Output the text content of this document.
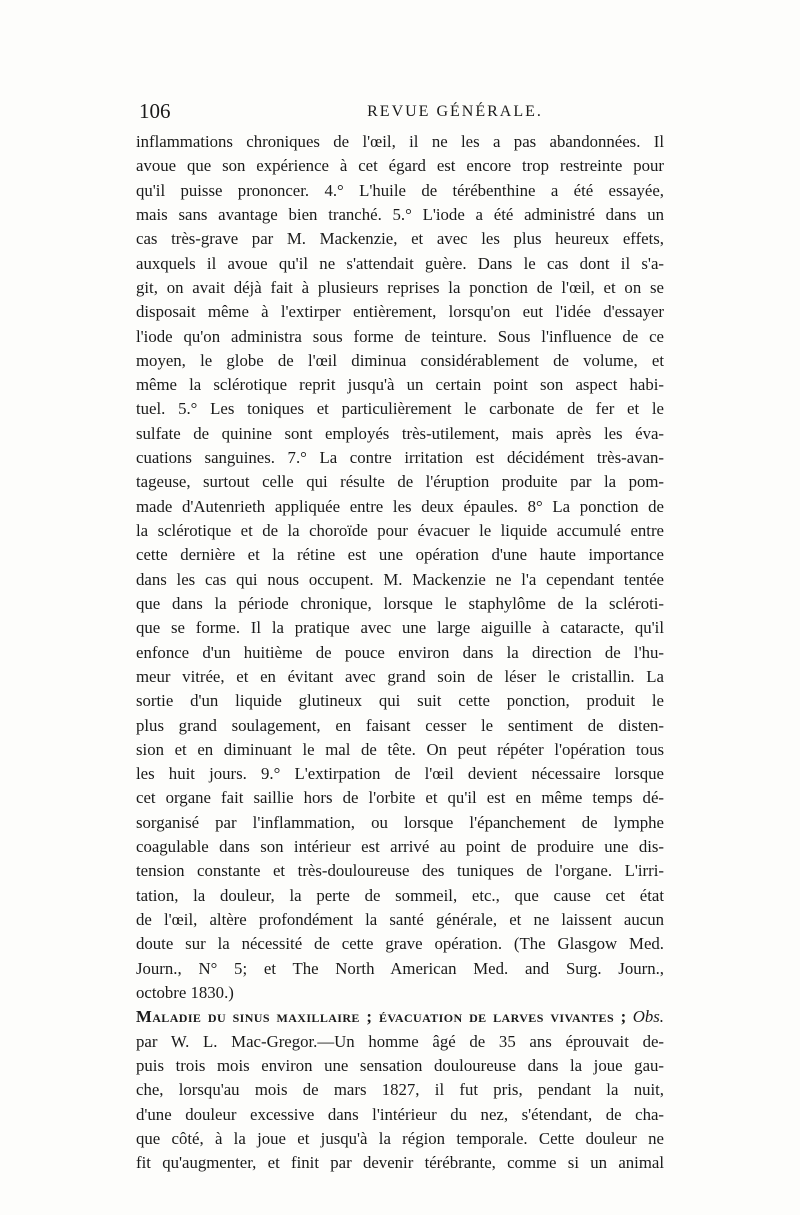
106	REVUE GÉNÉRALE.
inflammations chroniques de l'œil, il ne les a pas abandonnées. Il
avoue que son expérience à cet égard est encore trop restreinte pour
qu'il puisse prononcer. 4.° L'huile de térébenthine a été essayée,
mais sans avantage bien tranché. 5.° L'iode a été administré dans un
cas très-grave par M. Mackenzie, et avec les plus heureux effets,
auxquels il avoue qu'il ne s'attendait guère. Dans le cas dont il s'a-
git, on avait déjà fait à plusieurs reprises la ponction de l'œil, et on se
disposait même à l'extirper entièrement, lorsqu'on eut l'idée d'essayer
l'iode qu'on administra sous forme de teinture. Sous l'influence de ce
moyen, le globe de l'œil diminua considérablement de volume, et
même la sclérotique reprit jusqu'à un certain point son aspect habi-
tuel. 5.° Les toniques et particulièrement le carbonate de fer et le
sulfate de quinine sont employés très-utilement, mais après les éva-
cuations sanguines. 7.° La contre irritation est décidément très-avan-
tageuse, surtout celle qui résulte de l'éruption produite par la pom-
made d'Autenrieth appliquée entre les deux épaules. 8° La ponction de
la sclérotique et de la choroïde pour évacuer le liquide accumulé entre
cette dernière et la rétine est une opération d'une haute importance
dans les cas qui nous occupent. M. Mackenzie ne l'a cependant tentée
que dans la période chronique, lorsque le staphylôme de la scléroti-
que se forme. Il la pratique avec une large aiguille à cataracte, qu'il
enfonce d'un huitième de pouce environ dans la direction de l'hu-
meur vitrée, et en évitant avec grand soin de léser le cristallin. La
sortie d'un liquide glutineux qui suit cette ponction, produit le
plus grand soulagement, en faisant cesser le sentiment de disten-
sion et en diminuant le mal de tête. On peut répéter l'opération tous
les huit jours. 9.° L'extirpation de l'œil devient nécessaire lorsque
cet organe fait saillie hors de l'orbite et qu'il est en même temps dé-
sorganisé par l'inflammation, ou lorsque l'épanchement de lymphe
coagulable dans son intérieur est arrivé au point de produire une dis-
tension constante et très-douloureuse des tuniques de l'organe. L'irri-
tation, la douleur, la perte de sommeil, etc., que cause cet état
de l'œil, altère profondément la santé générale, et ne laissent aucun
doute sur la nécessité de cette grave opération. (The Glasgow Med.
Journ., N° 5; et The North American Med. and Surg. Journ.,
octobre 1830.)
Maladie du sinus maxillaire ; évacuation de larves vivantes ; Obs.
par W. L. Mac-Gregor.—Un homme âgé de 35 ans éprouvait de-
puis trois mois environ une sensation douloureuse dans la joue gau-
che, lorsqu'au mois de mars 1827, il fut pris, pendant la nuit,
d'une douleur excessive dans l'intérieur du nez, s'étendant, de cha-
que côté, à la joue et jusqu'à la région temporale. Cette douleur ne
fit qu'augmenter, et finit par devenir térébrante, comme si un animal
